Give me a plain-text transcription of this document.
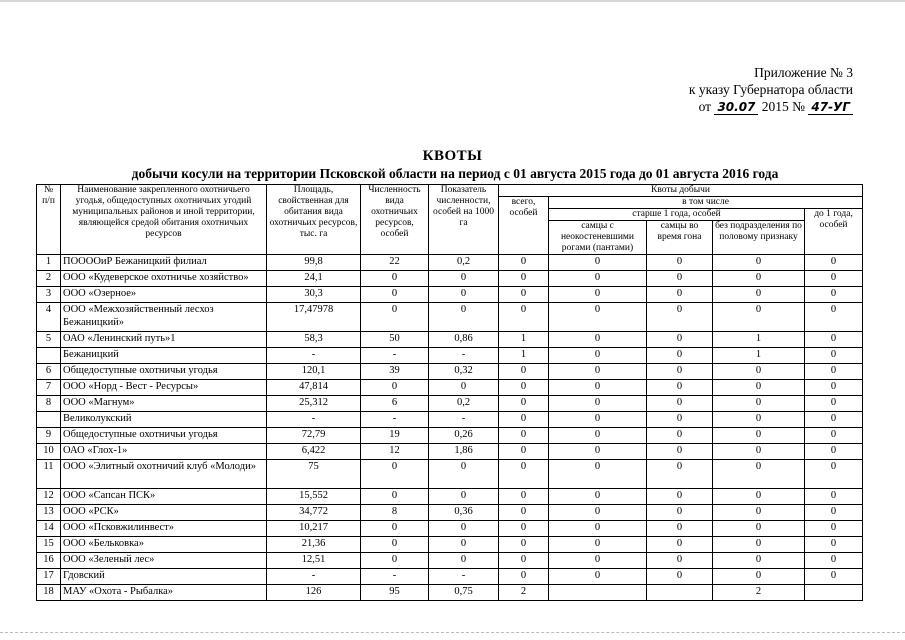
Приложение № 3
к указу Губернатора области
от 30.07 2015 № 47-УГ
КВОТЫ
добычи косули на территории Псковской области на период с 01 августа 2015 года до 01 августа 2016 года
№ п/п	Наименование закрепленного охотничьего угодья, общедоступных охотничьих угодий муниципальных районов и иной территории, являющейся средой обитания охотничьих ресурсов	Площадь, свойственная для обитания вида охотничьих ресурсов, тыс. га	Численность вида охотничьих ресурсов, особей	Показатель численности, особей на 1000 га	Квоты добычи				
					всего, особей	в том числе			
						старше 1 года, особей			до 1 года, особей
						самцы с неокостеневшими рогами (пантами)	самцы во время гона	без подразделения по половому признаку	
1	ПООООиР Бежаницкий филиал	99,8	22	0,2	0	0	0	0	0
2	ООО «Кудеверское охотничье хозяйство»	24,1	0	0	0	0	0	0	0
3	ООО «Озерное»	30,3	0	0	0	0	0	0	0
4	ООО «Межхозяйственный лесхоз Бежаницкий»	17,47978	0	0	0	0	0	0	0
5	ОАО «Ленинский путь»1	58,3	50	0,86	1	0	0	1	0
	Бежаницкий	-	-	-	1	0	0	1	0
6	Общедоступные охотничьи угодья	120,1	39	0,32	0	0	0	0	0
7	ООО «Норд - Вест - Ресурсы»	47,814	0	0	0	0	0	0	0
8	ООО «Магнум»	25,312	6	0,2	0	0	0	0	0
	Великолукский	-	-	-	0	0	0	0	0
9	Общедоступные охотничьи угодья	72,79	19	0,26	0	0	0	0	0
10	ОАО «Глох-1»	6,422	12	1,86	0	0	0	0	0
11	ООО «Элитный охотничий клуб «Молоди»	75	0	0	0	0	0	0	0
12	ООО «Сапсан ПСК»	15,552	0	0	0	0	0	0	0
13	ООО «РСК»	34,772	8	0,36	0	0	0	0	0
14	ООО «Псковжилинвест»	10,217	0	0	0	0	0	0	0
15	ООО «Бельковка»	21,36	0	0	0	0	0	0	0
16	ООО «Зеленый лес»	12,51	0	0	0	0	0	0	0
17	Гдовский	-	-	-	0	0	0	0	0
18	МАУ «Охота - Рыбалка»	126	95	0,75	2			2	
